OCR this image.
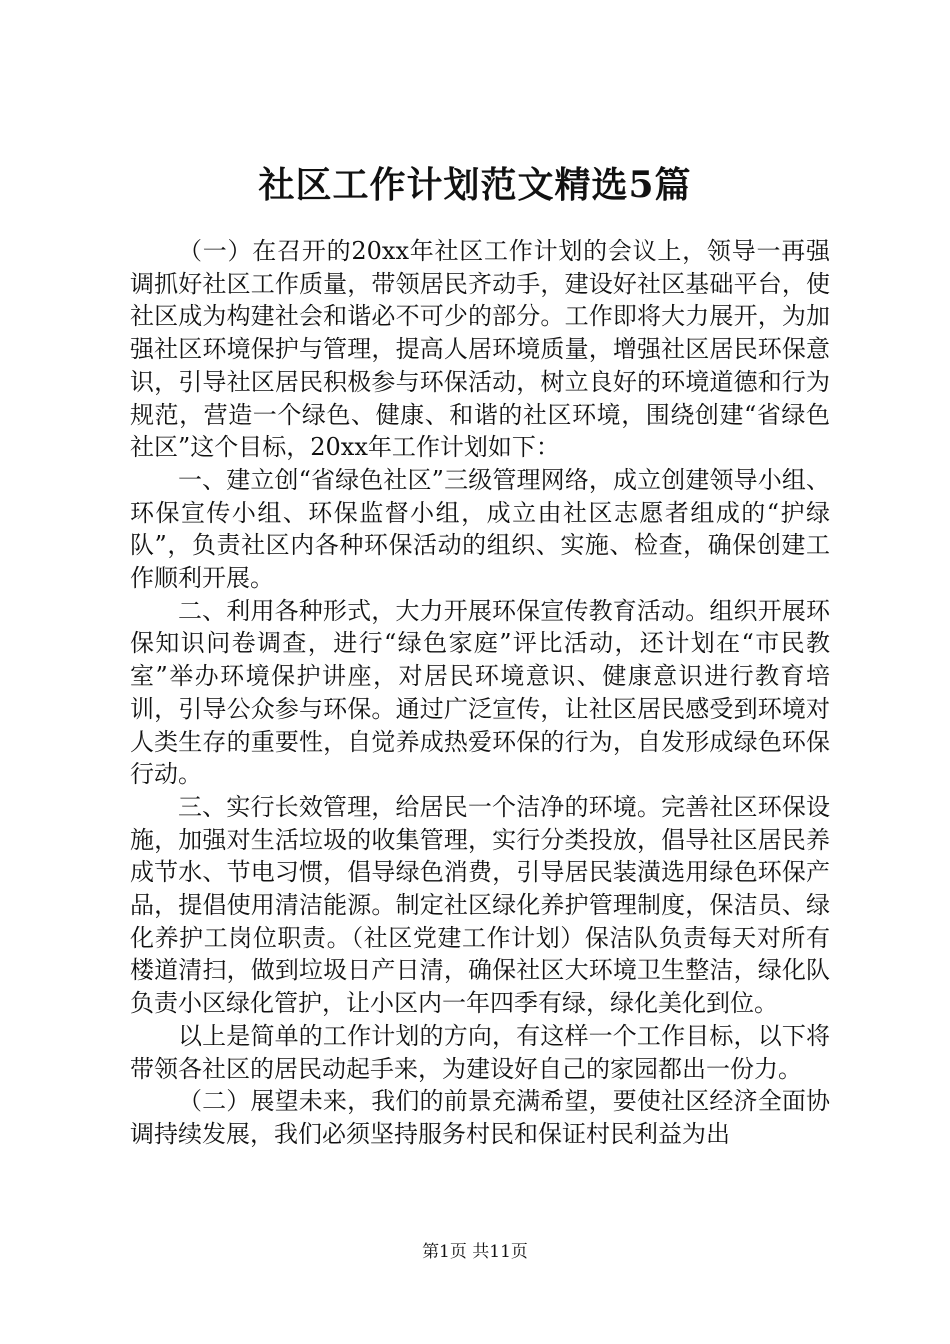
社区工作计划范文精选5篇

（一）在召开的20xx年社区工作计划的会议上，领导一再强调抓好社区工作质量，带领居民齐动手，建设好社区基础平台，使社区成为构建社会和谐必不可少的部分。工作即将大力展开，为加强社区环境保护与管理，提高人居环境质量，增强社区居民环保意识，引导社区居民积极参与环保活动，树立良好的环境道德和行为规范，营造一个绿色、健康、和谐的社区环境，围绕创建“省绿色社区”这个目标，20xx年工作计划如下：

一、建立创“省绿色社区”三级管理网络，成立创建领导小组、环保宣传小组、环保监督小组，成立由社区志愿者组成的“护绿队”，负责社区内各种环保活动的组织、实施、检查，确保创建工作顺利开展。

二、利用各种形式，大力开展环保宣传教育活动。组织开展环保知识问卷调查，进行“绿色家庭”评比活动，还计划在“市民教室”举办环境保护讲座，对居民环境意识、健康意识进行教育培训，引导公众参与环保。通过广泛宣传，让社区居民感受到环境对人类生存的重要性，自觉养成热爱环保的行为，自发形成绿色环保行动。

三、实行长效管理，给居民一个洁净的环境。完善社区环保设施，加强对生活垃圾的收集管理，实行分类投放，倡导社区居民养成节水、节电习惯，倡导绿色消费，引导居民装潢选用绿色环保产品，提倡使用清洁能源。制定社区绿化养护管理制度，保洁员、绿化养护工岗位职责。（社区党建工作计划）保洁队负责每天对所有楼道清扫，做到垃圾日产日清，确保社区大环境卫生整洁，绿化队负责小区绿化管护，让小区内一年四季有绿，绿化美化到位。

以上是简单的工作计划的方向，有这样一个工作目标，以下将带领各社区的居民动起手来，为建设好自己的家园都出一份力。

（二）展望未来，我们的前景充满希望，要使社区经济全面协调持续发展，我们必须坚持服务村民和保证村民利益为出

第1页 共11页
